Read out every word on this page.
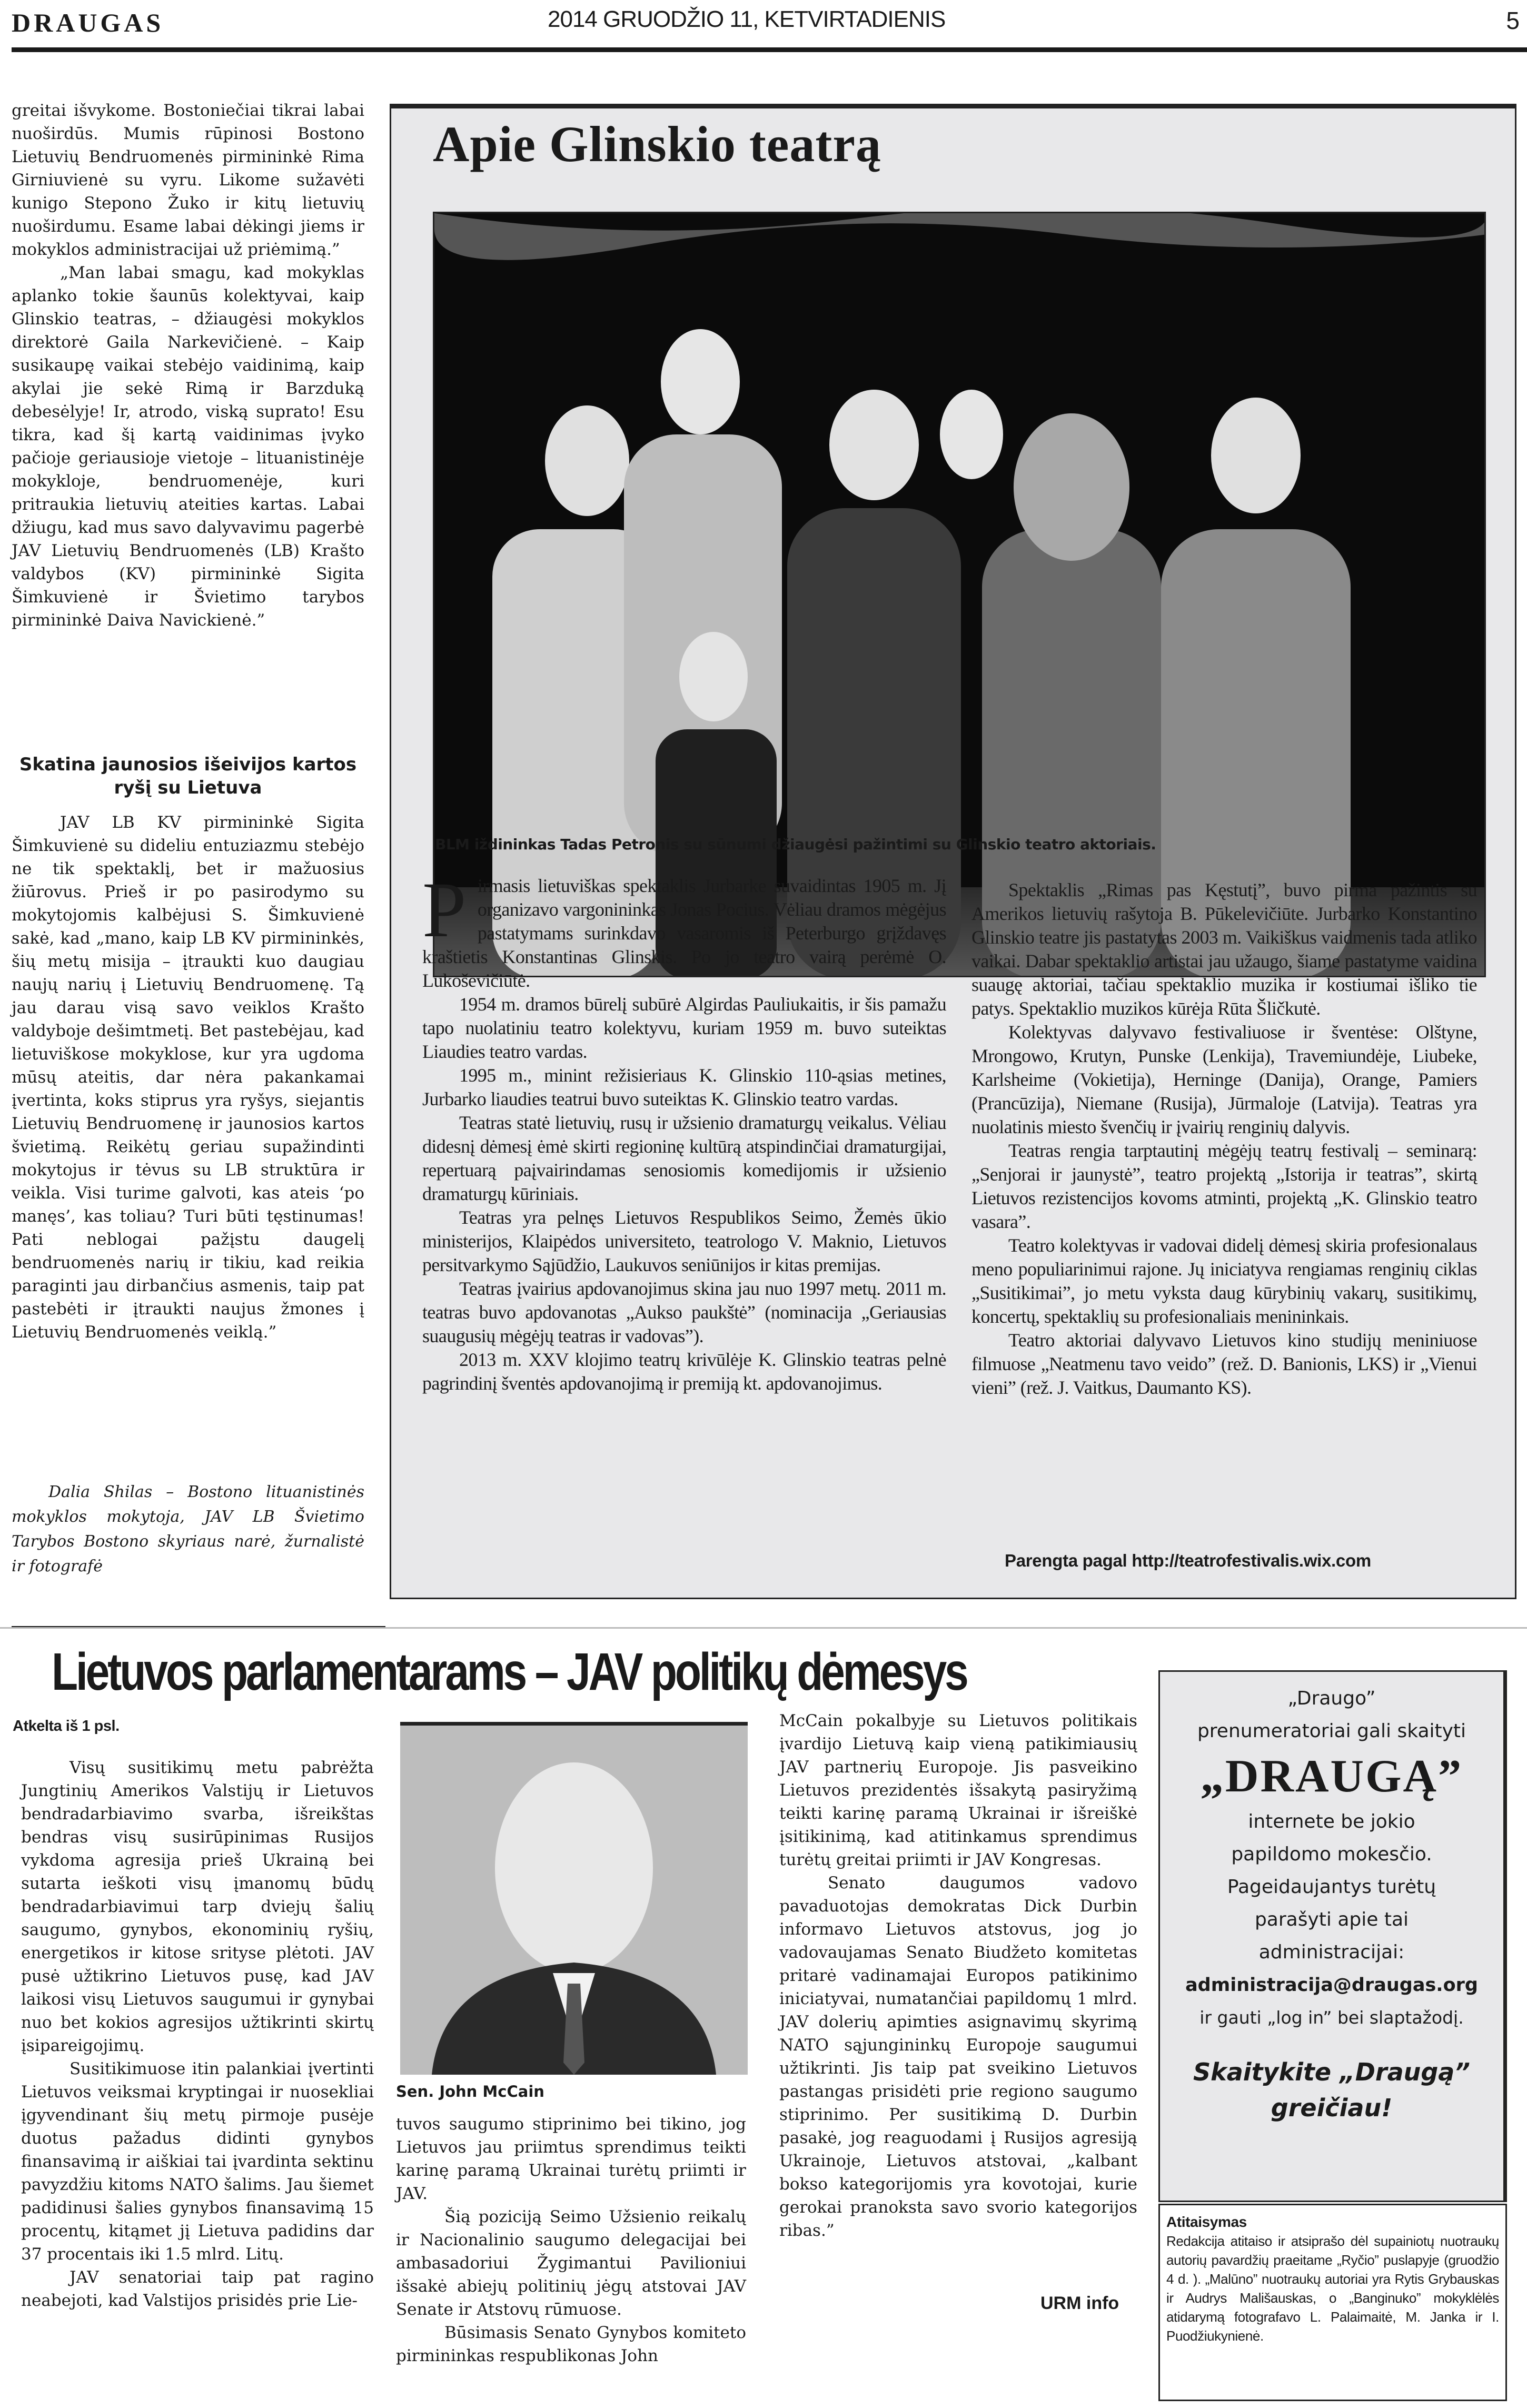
DRAUGAS	2014 GRUODŽIO 11, KETVIRTADIENIS	5

greitai išvykome. Bostoniečiai tikrai labai nuoširdūs. Mumis rūpinosi Bostono Lietuvių Bendruomenės pirmininkė Rima Girniuvienė su vyru. Likome sužavėti kunigo Stepono Žuko ir kitų lietuvių nuoširdumu. Esame labai dėkingi jiems ir mokyklos administracijai už priėmimą.”

„Man labai smagu, kad mokyklas aplanko tokie šaunūs kolektyvai, kaip Glinskio teatras, – džiaugėsi mokyklos direktorė Gaila Narkevičienė. – Kaip susikaupę vaikai stebėjo vaidinimą, kaip akylai jie sekė Rimą ir Barzduką debesėlyje! Ir, atrodo, viską suprato! Esu tikra, kad šį kartą vaidinimas įvyko pačioje geriausioje vietoje – lituanistinėje mokykloje, bendruomenėje, kuri pritraukia lietuvių ateities kartas. Labai džiugu, kad mus savo dalyvavimu pagerbė JAV Lietuvių Bendruomenės (LB) Krašto valdybos (KV) pirmininkė Sigita Šimkuvienė ir Švietimo tarybos pirmininkė Daiva Navickienė.”

Skatina jaunosios išeivijos kartos ryšį su Lietuva

JAV LB KV pirmininkė Sigita Šimkuvienė su dideliu entuziazmu stebėjo ne tik spektaklį, bet ir mažuosius žiūrovus. Prieš ir po pasirodymo su mokytojomis kalbėjusi S. Šimkuvienė sakė, kad „mano, kaip LB KV pirmininkės, šių metų misija – įtraukti kuo daugiau naujų narių į Lietuvių Bendruomenę. Tą jau darau visą savo veiklos Krašto valdyboje dešimtmetį. Bet pastebėjau, kad lietuviškose mokyklose, kur yra ugdoma mūsų ateitis, dar nėra pakankamai įvertinta, koks stiprus yra ryšys, siejantis Lietuvių Bendruomenę ir jaunosios kartos švietimą. Reikėtų geriau supažindinti mokytojus ir tėvus su LB struktūra ir veikla. Visi turime galvoti, kas ateis ‘po manęs’, kas toliau? Turi būti tęstinumas! Pati neblogai pažįstu daugelį bendruomenės narių ir tikiu, kad reikia paraginti jau dirbančius asmenis, taip pat pastebėti ir įtraukti naujus žmones į Lietuvių Bendruomenės veiklą.”

Dalia Shilas – Bostono lituanistinės mokyklos mokytoja, JAV LB Švietimo Tarybos Bostono skyriaus narė, žurnalistė ir fotografė

Apie Glinskio teatrą
BLM iždininkas Tadas Petronis su sūnumi džiaugėsi pažintimi su Glinskio teatro aktoriais.
P irmasis lietuviškas spektaklis Jurbarke suvaidintas 1905 m. Jį organizavo vargonininkas Jonas Pocius. Vėliau dramos mėgėjus pastatymams surinkdavo vasaromis iš Peterburgo grįždavęs kraštietis Konstantinas Glinskis. Po jo teatro vairą perėmė O. Lukoševičiūtė.

1954 m. dramos būrelį subūrė Algirdas Pauliukaitis, ir šis pamažu tapo nuolatiniu teatro kolektyvu, kuriam 1959 m. buvo suteiktas Liaudies teatro vardas.

1995 m., minint režisieriaus K. Glinskio 110-ąsias metines, Jurbarko liaudies teatrui buvo suteiktas K. Glinskio teatro vardas.

Teatras statė lietuvių, rusų ir užsienio dramaturgų veikalus. Vėliau didesnį dėmesį ėmė skirti regioninę kultūrą atspindinčiai dramaturgijai, repertuarą paįvairindamas senosiomis komedijomis ir užsienio dramaturgų kūriniais.

Teatras yra pelnęs Lietuvos Respublikos Seimo, Žemės ūkio ministerijos, Klaipėdos universiteto, teatrologo V. Maknio, Lietuvos persitvarkymo Sąjūdžio, Laukuvos seniūnijos ir kitas premijas.

Teatras įvairius apdovanojimus skina jau nuo 1997 metų. 2011 m. teatras buvo apdovanotas „Aukso paukštė” (nominacija „Geriausias suaugusių mėgėjų teatras ir vadovas”).

2013 m. XXV klojimo teatrų krivūlėje K. Glinskio teatras pelnė pagrindinį šventės apdovanojimą ir premiją kt. apdovanojimus.

Spektaklis „Rimas pas Kęstutį”, buvo pirma pažintis su Amerikos lietuvių rašytoja B. Pūkelevičiūte. Jurbarko Konstantino Glinskio teatre jis pastatytas 2003 m. Vaikiškus vaidmenis tada atliko vaikai. Dabar spektaklio artistai jau užaugo, šiame pastatyme vaidina suaugę aktoriai, tačiau spektaklio muzika ir kostiumai išliko tie patys. Spektaklio muzikos kūrėja Rūta Šličkutė.

Kolektyvas dalyvavo festivaliuose ir šventėse: Olštyne, Mrongowo, Krutyn, Punske (Lenkija), Travemiundėje, Liubeke, Karlsheime (Vokietija), Herninge (Danija), Orange, Pamiers (Prancūzija), Niemane (Rusija), Jūrmaloje (Latvija). Teatras yra nuolatinis miesto švenčių ir įvairių renginių dalyvis.

Teatras rengia tarptautinį mėgėjų teatrų festivalį – seminarą: „Senjorai ir jaunystė”, teatro projektą „Istorija ir teatras”, skirtą Lietuvos rezistencijos kovoms atminti, projektą „K. Glinskio teatro vasara”.

Teatro kolektyvas ir vadovai didelį dėmesį skiria profesionalaus meno populiarinimui rajone. Jų iniciatyva rengiamas renginių ciklas „Susitikimai”, jo metu vyksta daug kūrybinių vakarų, susitikimų, koncertų, spektaklių su profesionaliais menininkais.

Teatro aktoriai dalyvavo Lietuvos kino studijų meniniuose filmuose „Neatmenu tavo veido” (rež. D. Banionis, LKS) ir „Vienui vieni” (rež. J. Vaitkus, Daumanto KS).

Parengta pagal http://teatrofestivalis.wix.com
Lietuvos parlamentarams – JAV politikų dėmesys
Atkelta iš 1 psl.

Visų susitikimų metu pabrėžta Jungtinių Amerikos Valstijų ir Lietuvos bendradarbiavimo svarba, išreikštas bendras visų susirūpinimas Rusijos vykdoma agresija prieš Ukrainą bei sutarta ieškoti visų įmanomų būdų bendradarbiavimui tarp dviejų šalių saugumo, gynybos, ekonominių ryšių, energetikos ir kitose srityse plėtoti. JAV pusė užtikrino Lietuvos pusę, kad JAV laikosi visų Lietuvos saugumui ir gynybai nuo bet kokios agresijos užtikrinti skirtų įsipareigojimų.

Susitikimuose itin palankiai įvertinti Lietuvos veiksmai kryptingai ir nuosekliai įgyvendinant šių metų pirmoje pusėje duotus pažadus didinti gynybos finansavimą ir aiškiai tai įvardinta sektinu pavyzdžiu kitoms NATO šalims. Jau šiemet padidinusi šalies gynybos finansavimą 15 procentų, kitąmet jį Lietuva padidins dar 37 procentais iki 1.5 mlrd. Litų.

JAV senatoriai taip pat ragino neabejoti, kad Valstijos prisidės prie Lie-

Sen. John McCain

tuvos saugumo stiprinimo bei tikino, jog Lietuvos jau priimtus sprendimus teikti karinę paramą Ukrainai turėtų priimti ir JAV.

Šią poziciją Seimo Užsienio reikalų ir Nacionalinio saugumo delegacijai bei ambasadoriui Žygimantui Pavilioniui išsakė abiejų politinių jėgų atstovai JAV Senate ir Atstovų rūmuose.

Būsimasis Senato Gynybos komiteto pirmininkas respublikonas John

McCain pokalbyje su Lietuvos politikais įvardijo Lietuvą kaip vieną patikimiausių JAV partnerių Europoje. Jis pasveikino Lietuvos prezidentės išsakytą pasiryžimą teikti karinę paramą Ukrainai ir išreiškė įsitikinimą, kad atitinkamus sprendimus turėtų greitai priimti ir JAV Kongresas.

Senato daugumos vadovo pavaduotojas demokratas Dick Durbin informavo Lietuvos atstovus, jog jo vadovaujamas Senato Biudžeto komitetas pritarė vadinamajai Europos patikinimo iniciatyvai, numatančiai papildomų 1 mlrd. JAV dolerių apimties asignavimų skyrimą NATO sąjungininkų Europoje saugumui užtikrinti. Jis taip pat sveikino Lietuvos pastangas prisidėti prie regiono saugumo stiprinimo. Per susitikimą D. Durbin pasakė, jog reaguodami į Rusijos agresiją Ukrainoje, Lietuvos atstovai, „kalbant bokso kategorijomis yra kovotojai, kurie gerokai pranoksta savo svorio kategorijos ribas.”

URM info
„Draugo”
prenumeratoriai gali skaityti
„DRAUGĄ”
internete be jokio
papildomo mokesčio.
Pageidaujantys turėtų
parašyti apie tai
administracijai:
administracija@draugas.org
ir gauti „log in” bei slaptažodį.
Skaitykite „Draugą” greičiau!
Atitaisymas
Redakcija atitaiso ir atsiprašo dėl supainiotų nuotraukų autorių pavardžių praeitame „Ryčio” puslapyje (gruodžio 4 d. ). „Malūno” nuotraukų autoriai yra Rytis Grybauskas ir Audrys Mališauskas, o „Banginuko” mokyklėlės atidarymą fotografavo L. Palaimaitė, M. Janka ir I. Puodžiukynienė.
